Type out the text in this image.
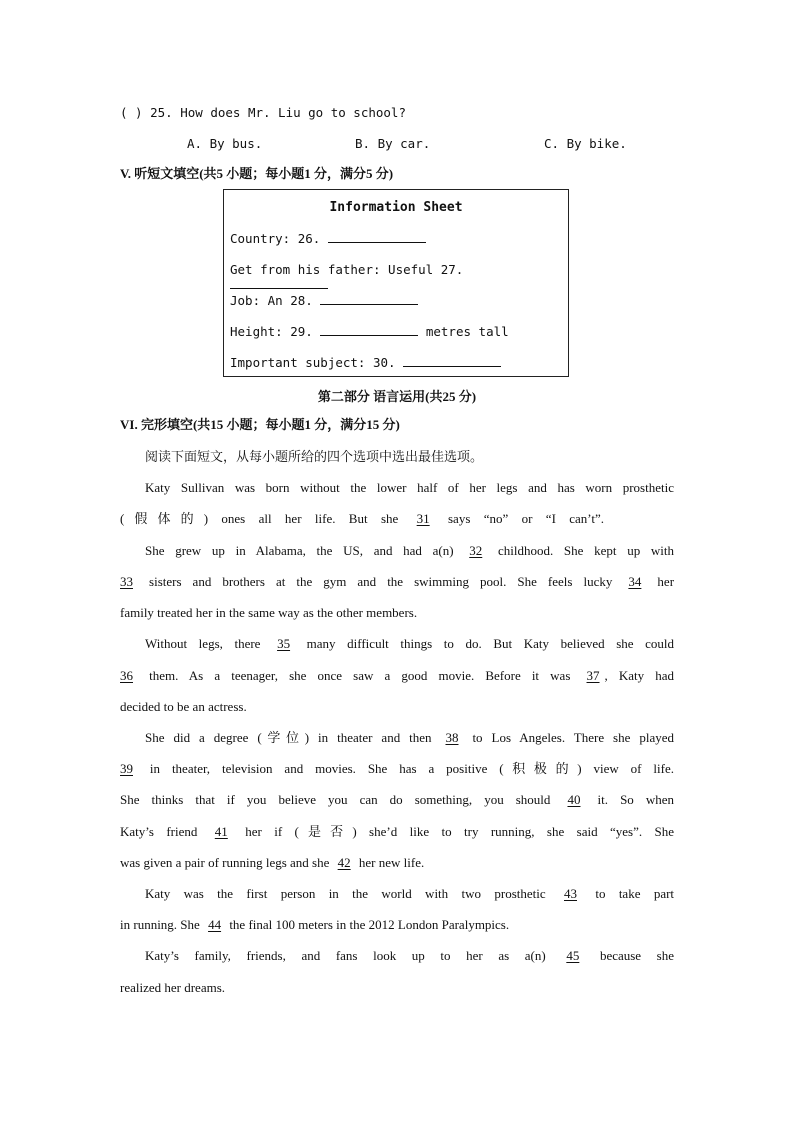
( ) 25. How does Mr. Liu go to school?
A. By bus.	B. By car.	C. By bike.
V. 听短文填空(共5 小题；每小题1 分，满分5 分)
Information Sheet
Country: 26.
Get from his father: Useful 27.
Job: An 28.
Height: 29.	metres tall
Important subject: 30.
第二部分 语言运用(共25 分)
VI. 完形填空(共15 小题；每小题1 分，满分15 分)
阅读下面短文，从每小题所给的四个选项中选出最佳选项。
Katy Sullivan was born without the lower half of her legs and has worn prosthetic
(假体的) ones all her life. But she 31 says “no” or “I can’t”.
She grew up in Alabama, the US, and had a(n) 32 childhood. She kept up with
33 sisters and brothers at the gym and the swimming pool. She feels lucky 34 her
family treated her in the same way as the other members.
Without legs, there 35 many difficult things to do. But Katy believed she could
36 them. As a teenager, she once saw a good movie. Before it was 37 , Katy had
decided to be an actress.
She did a degree (学位) in theater and then 38 to Los Angeles. There she played
39 in theater, television and movies. She has a positive (积极的) view of life.
She thinks that if you believe you can do something, you should 40 it. So when
Katy’s friend 41 her if (是否) she’d like to try running, she said “yes”. She
was given a pair of running legs and she 42 her new life.
Katy was the first person in the world with two prosthetic 43 to take part
in running. She 44 the final 100 meters in the 2012 London Paralympics.
Katy’s family, friends, and fans look up to her as a(n) 45 because she
realized her dreams.
